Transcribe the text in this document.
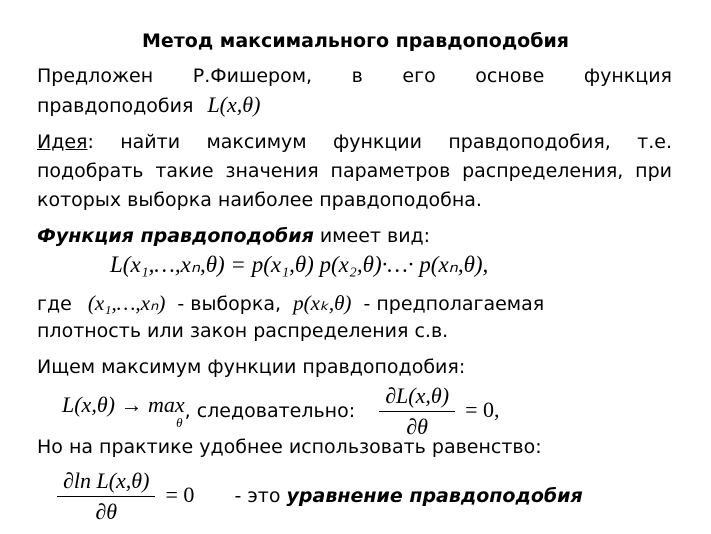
Метод максимального правдоподобия
Предложен Р.Фишером, в его основе функция
правдоподобия L(x,θ)
Идея: найти максимум функции правдоподобия, т.е.
подобрать такие значения параметров распределения, при
которых выборка наиболее правдоподобна.
Функция правдоподобия имеет вид:
L(x₁,…,xₙ,θ) = p(x₁,θ) p(x₂,θ)·…· p(xₙ,θ),
где (x₁,…,xₙ) - выборка, p(xₖ,θ) - предполагаемая
плотность или закон распределения с.в.
Ищем максимум функции правдоподобия:
L(x,θ) → max
θ
, следовательно: $\frac{\partial L(x,\theta)}{\partial\theta} = 0$,
Но на практике удобнее использовать равенство:
$\frac{\text{∂ln L(x,θ)}}{\partial\theta} = 0$ - это уравнение правдоподобия
